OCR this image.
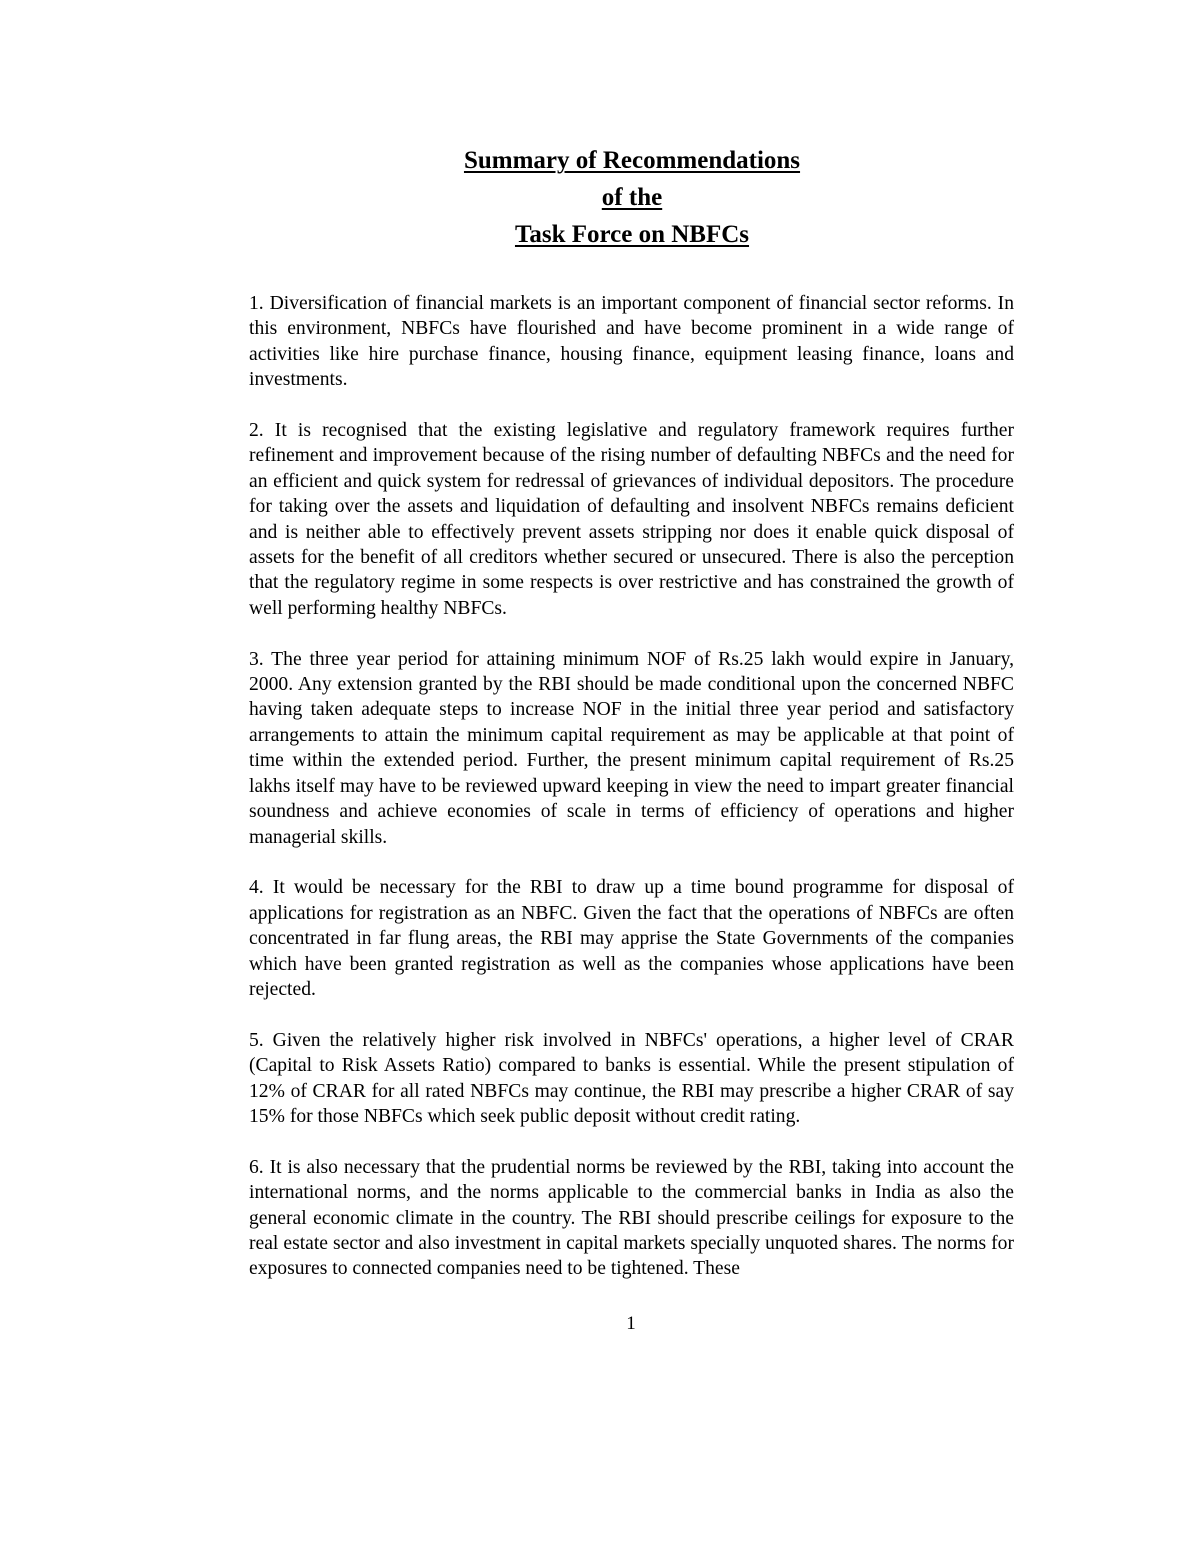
Summary of Recommendations
of the
Task Force on NBFCs

1. Diversification of financial markets is an important component of financial sector reforms. In this environment, NBFCs have flourished and have become prominent in a wide range of activities like hire purchase finance, housing finance, equipment leasing finance, loans and investments.

2. It is recognised that the existing legislative and regulatory framework requires further refinement and improvement because of the rising number of defaulting NBFCs and the need for an efficient and quick system for redressal of grievances of individual depositors. The procedure for taking over the assets and liquidation of defaulting and insolvent NBFCs remains deficient and is neither able to effectively prevent assets stripping nor does it enable quick disposal of assets for the benefit of all creditors whether secured or unsecured. There is also the perception that the regulatory regime in some respects is over restrictive and has constrained the growth of well performing healthy NBFCs.

3. The three year period for attaining minimum NOF of Rs.25 lakh would expire in January, 2000. Any extension granted by the RBI should be made conditional upon the concerned NBFC having taken adequate steps to increase NOF in the initial three year period and satisfactory arrangements to attain the minimum capital requirement as may be applicable at that point of time within the extended period. Further, the present minimum capital requirement of Rs.25 lakhs itself may have to be reviewed upward keeping in view the need to impart greater financial soundness and achieve economies of scale in terms of efficiency of operations and higher managerial skills.

4. It would be necessary for the RBI to draw up a time bound programme for disposal of applications for registration as an NBFC. Given the fact that the operations of NBFCs are often concentrated in far flung areas, the RBI may apprise the State Governments of the companies which have been granted registration as well as the companies whose applications have been rejected.

5. Given the relatively higher risk involved in NBFCs' operations, a higher level of CRAR (Capital to Risk Assets Ratio) compared to banks is essential. While the present stipulation of 12% of CRAR for all rated NBFCs may continue, the RBI may prescribe a higher CRAR of say 15% for those NBFCs which seek public deposit without credit rating.

6. It is also necessary that the prudential norms be reviewed by the RBI, taking into account the international norms, and the norms applicable to the commercial banks in India as also the general economic climate in the country. The RBI should prescribe ceilings for exposure to the real estate sector and also investment in capital markets specially unquoted shares. The norms for exposures to connected companies need to be tightened. These

1
